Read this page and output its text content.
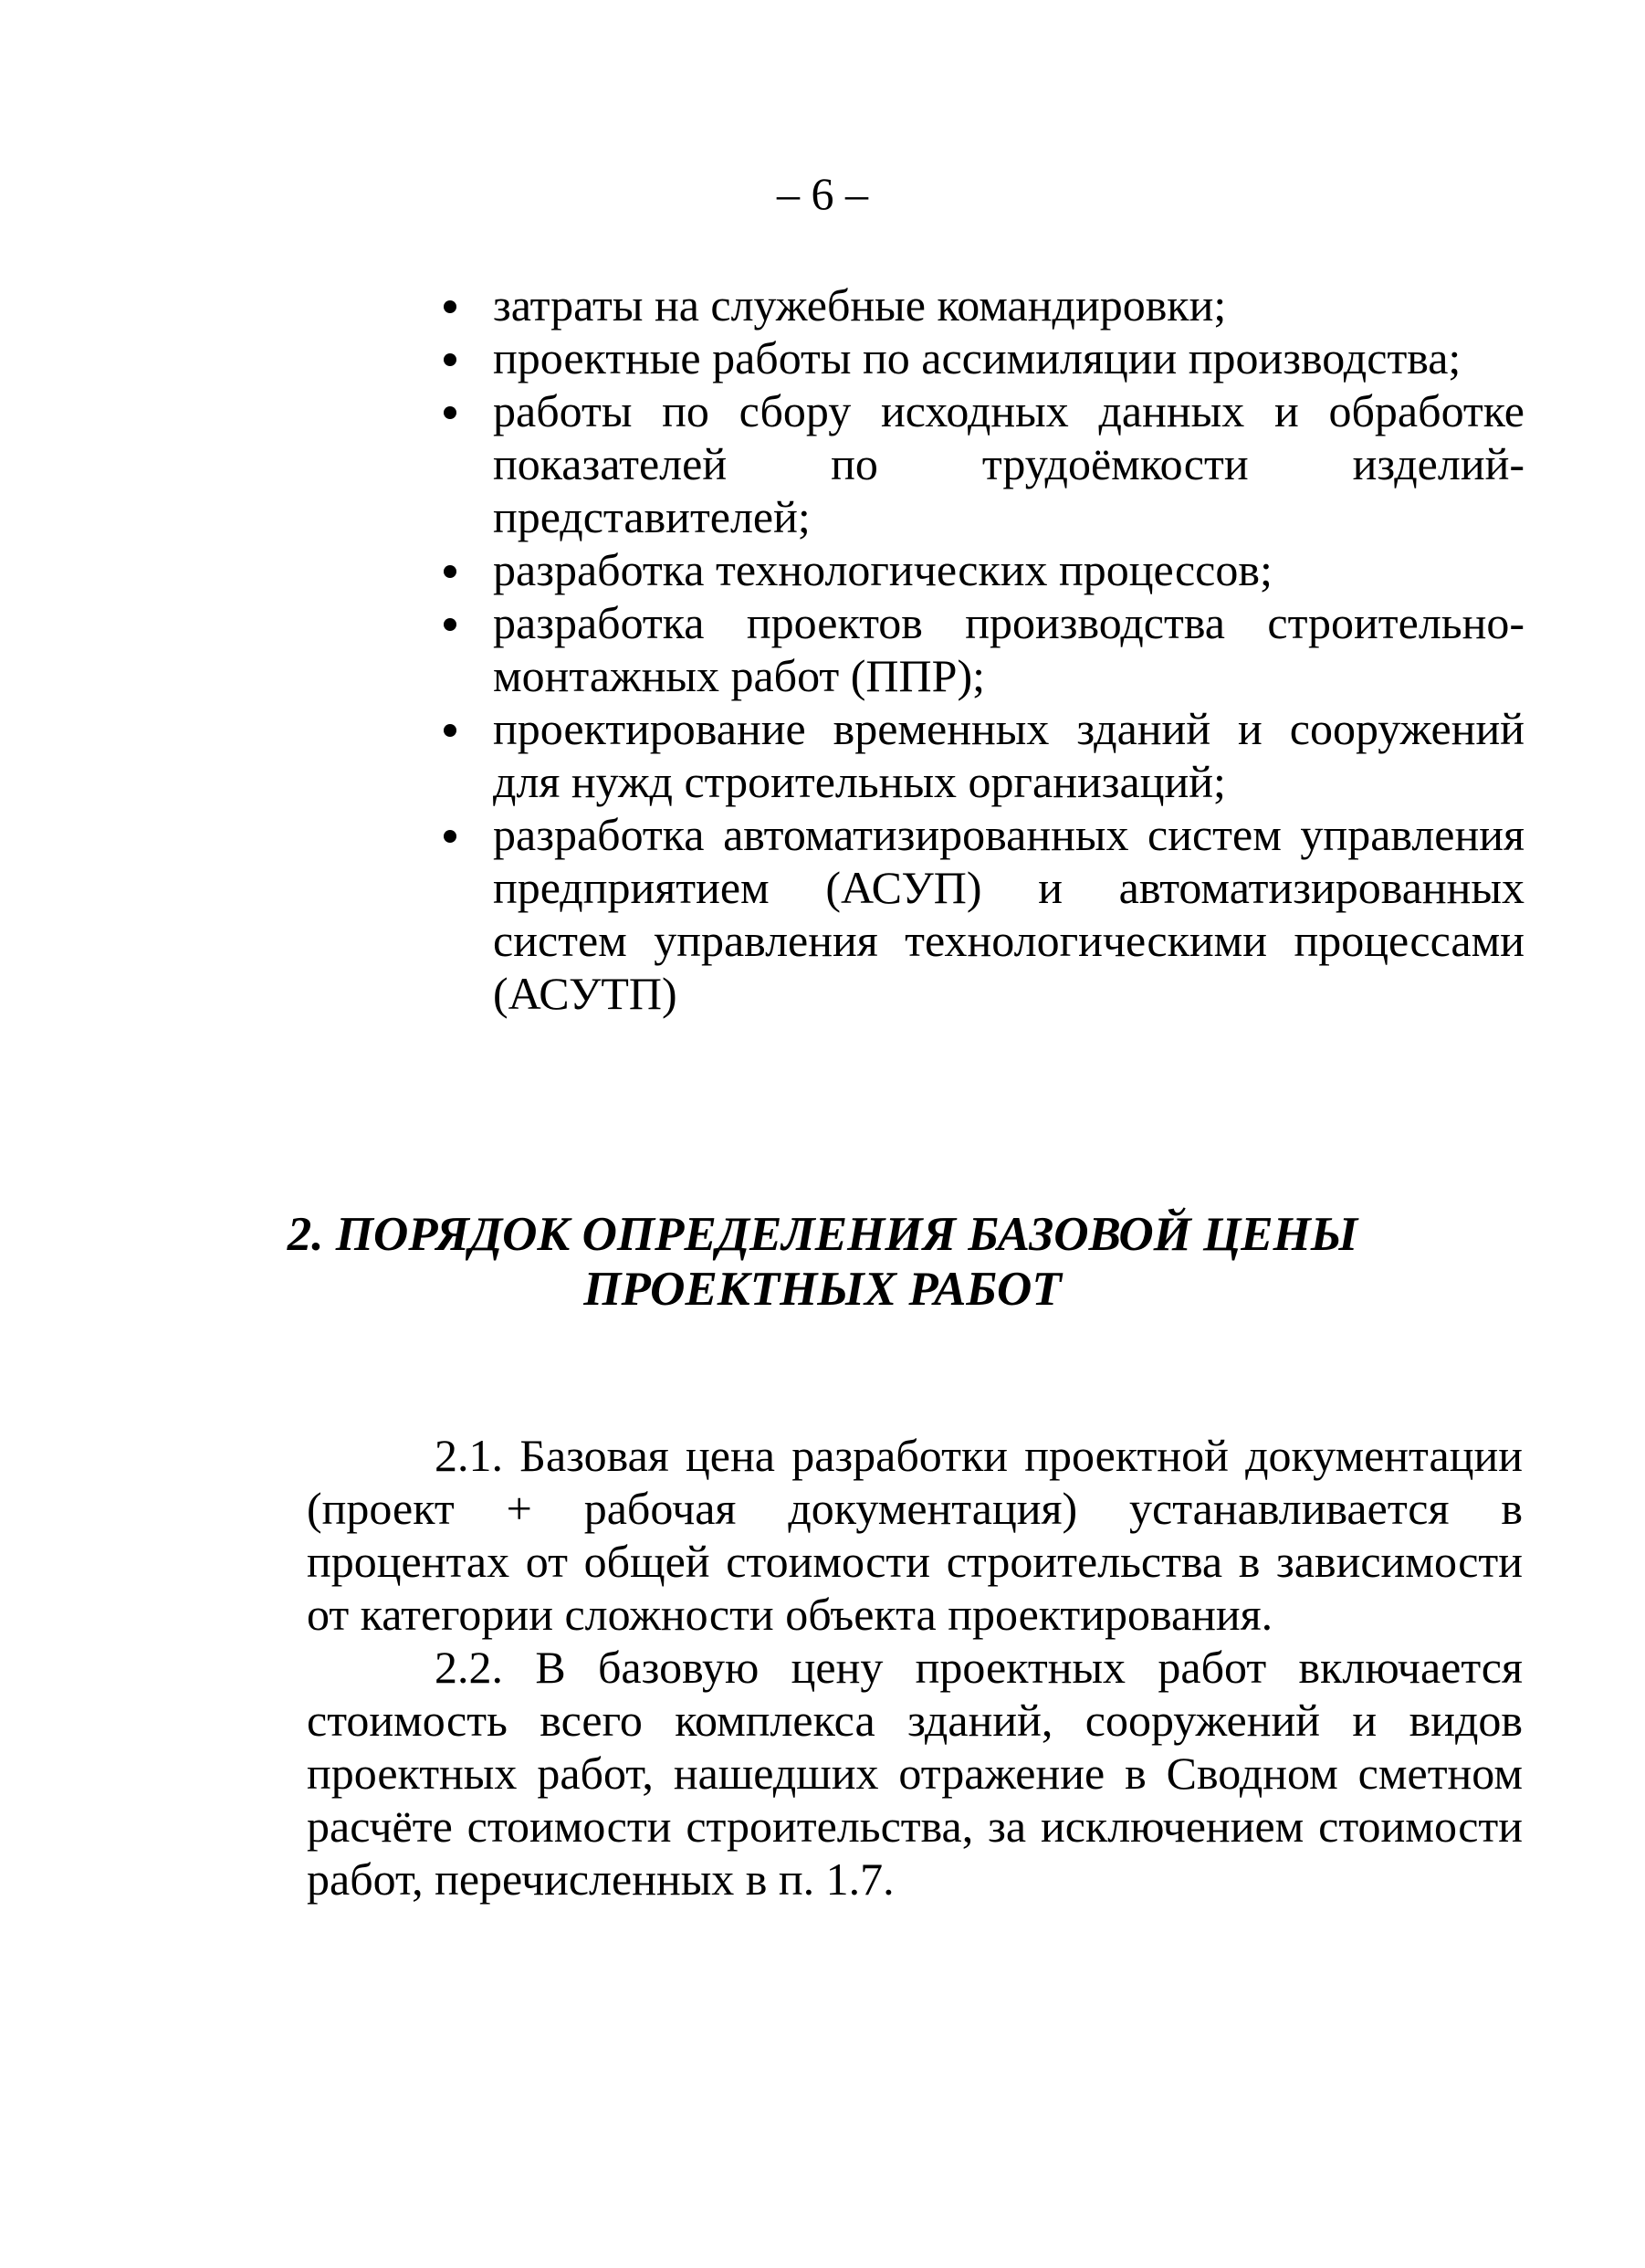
– 6 –
затраты на служебные командировки;
проектные работы по ассимиляции производства;
работы по сбору исходных данных и обработке показателей по трудоёмкости изделий-представителей;
разработка технологических процессов;
разработка проектов производства строительно-монтажных работ (ППР);
проектирование временных зданий и сооружений для нужд строительных организаций;
разработка автоматизированных систем управления предприятием (АСУП) и автоматизированных систем управления технологическими процессами (АСУТП)
2. ПОРЯДОК ОПРЕДЕЛЕНИЯ БАЗОВОЙ ЦЕНЫ
ПРОЕКТНЫХ РАБОТ

2.1. Базовая цена разработки проектной документации (проект + рабочая документация) устанавливается в процентах от общей стоимости строительства в зависимости от категории сложности объекта проектирования.

2.2. В базовую цену проектных работ включается стоимость всего комплекса зданий, сооружений и видов проектных работ, нашедших отражение в Сводном сметном расчёте стоимости строительства, за исключением стоимости работ, перечисленных в п. 1.7.
